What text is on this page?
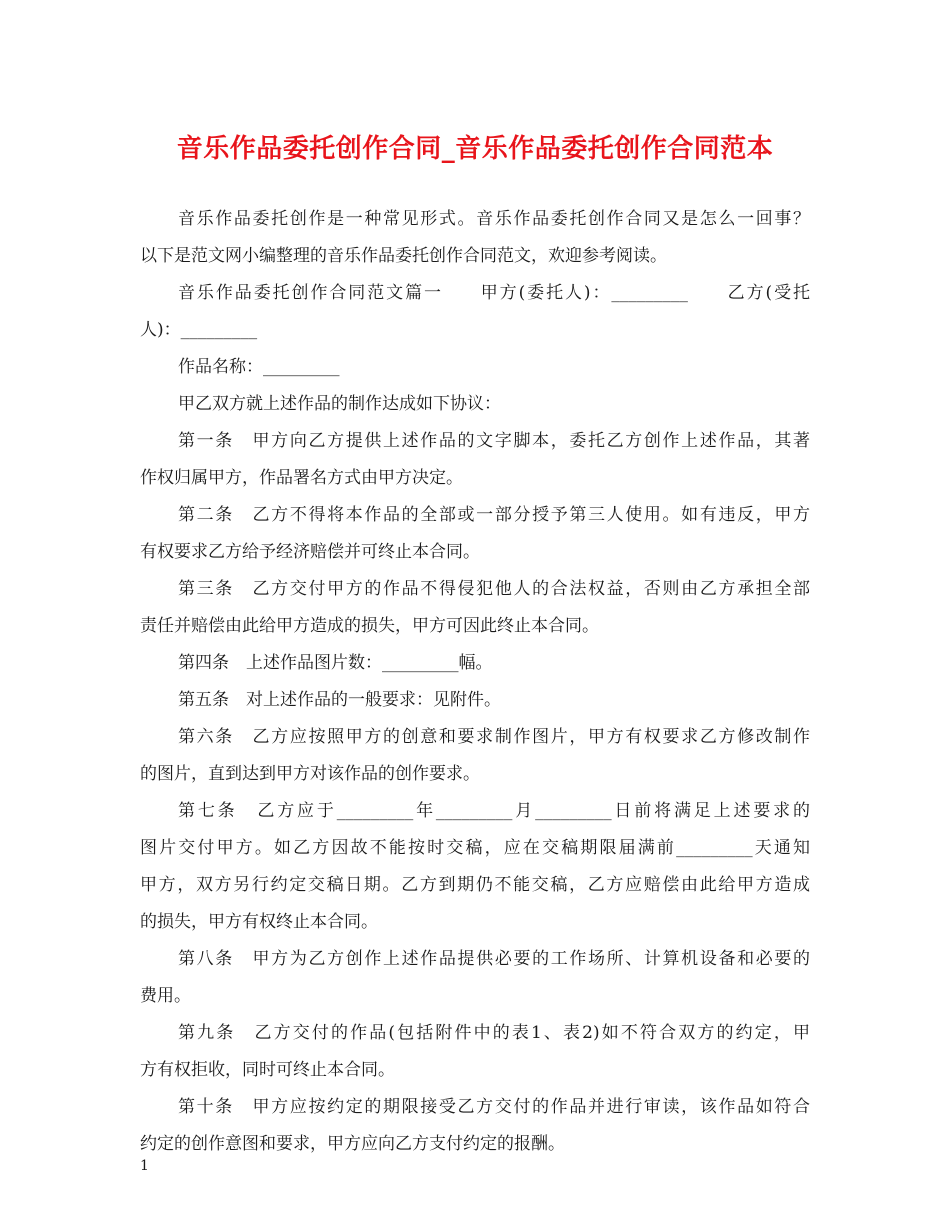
音乐作品委托创作合同_音乐作品委托创作合同范本
音乐作品委托创作是一种常见形式。音乐作品委托创作合同又是怎么一回事？
以下是范文网小编整理的音乐作品委托创作合同范文，欢迎参考阅读。
音乐作品委托创作合同范文篇一　　甲方(委托人)：_________　　乙方(受托
人)：_________
作品名称：_________
甲乙双方就上述作品的制作达成如下协议：
第一条　甲方向乙方提供上述作品的文字脚本，委托乙方创作上述作品，其著
作权归属甲方，作品署名方式由甲方决定。
第二条　乙方不得将本作品的全部或一部分授予第三人使用。如有违反，甲方
有权要求乙方给予经济赔偿并可终止本合同。
第三条　乙方交付甲方的作品不得侵犯他人的合法权益，否则由乙方承担全部
责任并赔偿由此给甲方造成的损失，甲方可因此终止本合同。
第四条　上述作品图片数：_________幅。
第五条　对上述作品的一般要求：见附件。
第六条　乙方应按照甲方的创意和要求制作图片，甲方有权要求乙方修改制作
的图片，直到达到甲方对该作品的创作要求。
第七条　乙方应于_________年_________月_________日前将满足上述要求的
图片交付甲方。如乙方因故不能按时交稿，应在交稿期限届满前_________天通知
甲方，双方另行约定交稿日期。乙方到期仍不能交稿，乙方应赔偿由此给甲方造成
的损失，甲方有权终止本合同。
第八条　甲方为乙方创作上述作品提供必要的工作场所、计算机设备和必要的
费用。
第九条　乙方交付的作品(包括附件中的表1、表2)如不符合双方的约定，甲
方有权拒收，同时可终止本合同。
第十条　甲方应按约定的期限接受乙方交付的作品并进行审读，该作品如符合
约定的创作意图和要求，甲方应向乙方支付约定的报酬。
1
